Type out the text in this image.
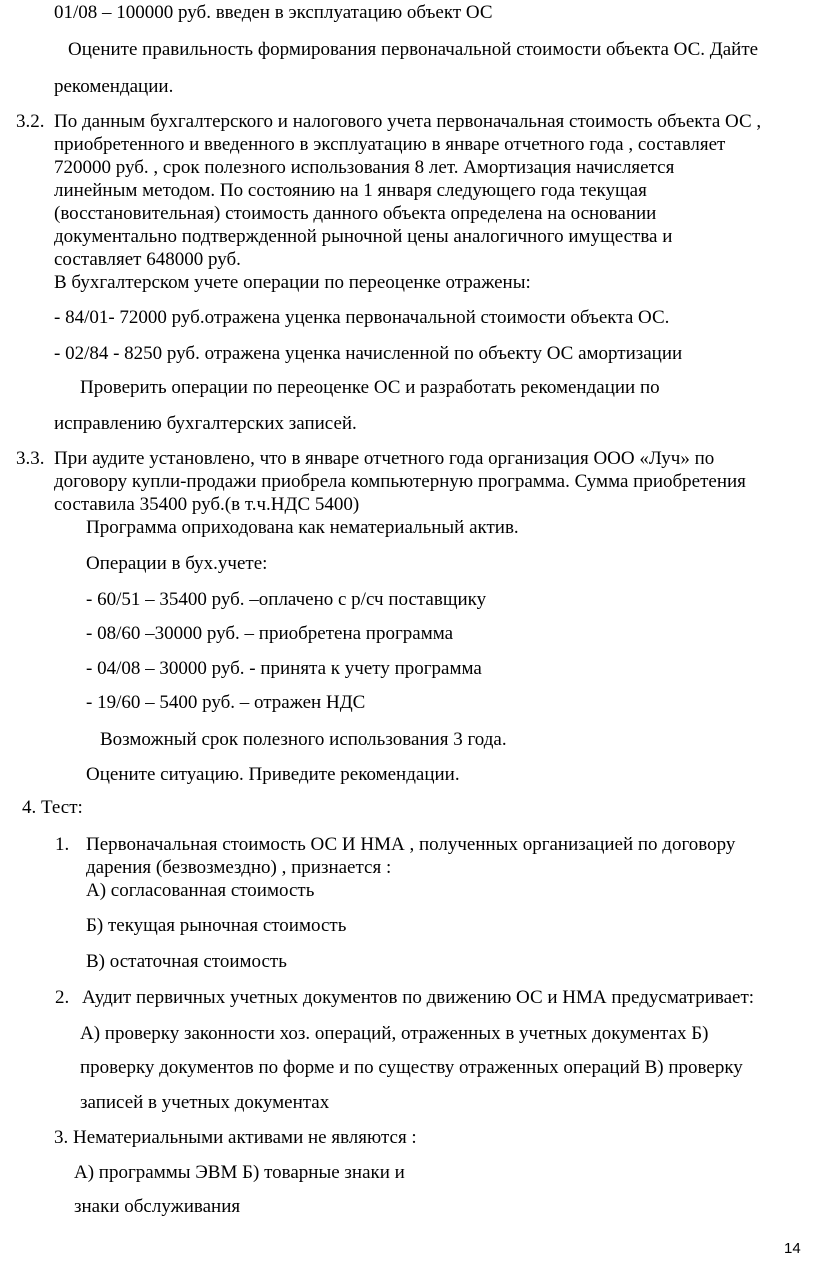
01/08 – 100000 руб. введен в эксплуатацию объект ОС
Оцените правильность формирования первоначальной стоимости объекта ОС. Дайте
рекомендации.
3.2. По данным бухгалтерского и налогового учета первоначальная стоимость объекта ОС ,
приобретенного и введенного в эксплуатацию в январе отчетного года , составляет
720000 руб. , срок полезного использования 8 лет. Амортизация начисляется
линейным методом. По состоянию на 1 января следующего года текущая
(восстановительная) стоимость данного объекта определена на основании
документально подтвержденной рыночной цены аналогичного имущества и
составляет 648000 руб.
В бухгалтерском учете операции по переоценке отражены:
- 84/01- 72000 руб.отражена уценка первоначальной стоимости объекта ОС.
- 02/84 - 8250 руб. отражена уценка начисленной по объекту ОС амортизации
Проверить операции по переоценке ОС и разработать рекомендации по
исправлению бухгалтерских записей.
3.3. При аудите установлено, что в январе отчетного года организация ООО «Луч» по
договору купли-продажи приобрела компьютерную программа. Сумма приобретения
составила 35400 руб.(в т.ч.НДС 5400)
Программа оприходована как нематериальный актив.
Операции в бух.учете:
- 60/51 – 35400 руб. –оплачено с р/сч поставщику
- 08/60 –30000 руб. – приобретена программа
- 04/08 – 30000 руб. - принята к учету программа
- 19/60 – 5400 руб. – отражен НДС
Возможный срок полезного использования 3 года.
Оцените ситуацию. Приведите рекомендации.
4. Тест:
1. Первоначальная стоимость ОС И НМА , полученных организацией по договору
дарения (безвозмездно) , признается :
А) согласованная стоимость
Б) текущая рыночная стоимость
В) остаточная стоимость
2. Аудит первичных учетных документов по движению ОС и НМА предусматривает:
А) проверку законности хоз. операций, отраженных в учетных документах Б)
проверку документов по форме и по существу отраженных операций В) проверку
записей в учетных документах
3. Нематериальными активами не являются :
А) программы ЭВМ Б) товарные знаки и
знаки обслуживания
14
